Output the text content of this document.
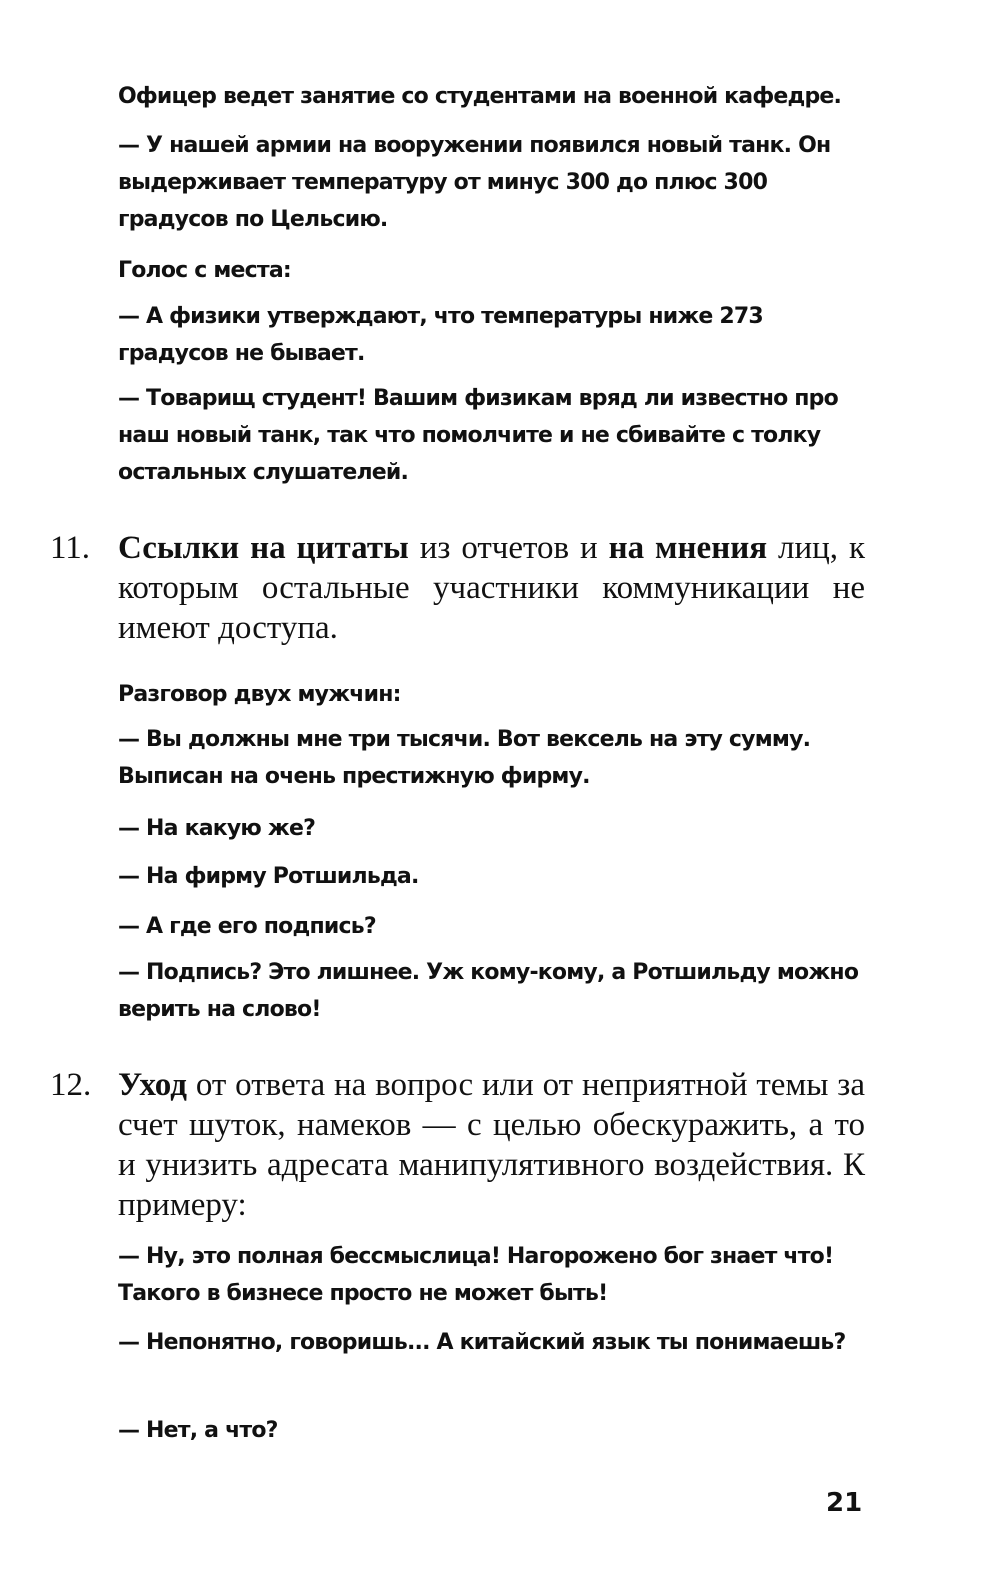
Офицер ведет занятие со студентами на военной кафедре.

— У нашей армии на вооружении появился новый танк. Он выдерживает температуру от минус 300 до плюс 300 градусов по Цельсию.

Голос с места:

— А физики утверждают, что температуры ниже 273 градусов не бывает.

— Товарищ студент! Вашим физикам вряд ли известно про наш новый танк, так что помолчите и не сбивайте с толку остальных слушателей.

11. Ссылки на цитаты из отчетов и на мнения лиц, к которым остальные участники коммуникации не имеют доступа.

Разговор двух мужчин:

— Вы должны мне три тысячи. Вот вексель на эту сумму. Выписан на очень престижную фирму.

— На какую же?

— На фирму Ротшильда.

— А где его подпись?

— Подпись? Это лишнее. Уж кому-кому, а Ротшильду можно верить на слово!

12. Уход от ответа на вопрос или от неприятной темы за счет шуток, намеков — с целью обескуражить, а то и унизить адресата манипулятивного воздействия. К примеру:

— Ну, это полная бессмыслица! Нагорожено бог знает что! Такого в бизнесе просто не может быть!

— Непонятно, говоришь... А китайский язык ты понимаешь?

— Нет, а что?

21
